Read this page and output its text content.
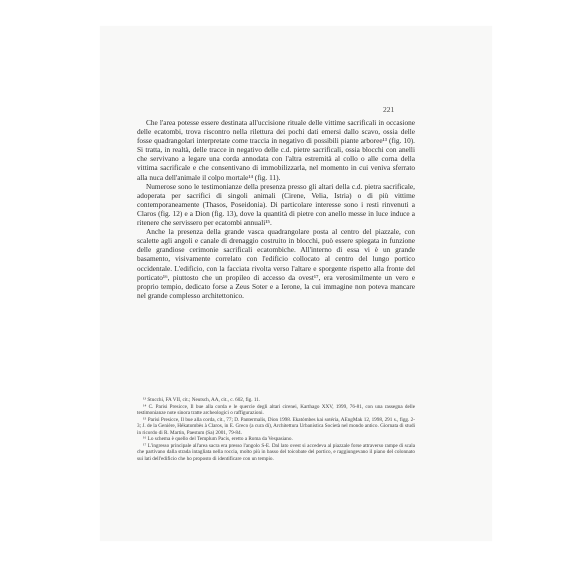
221

Che l'area potesse essere destinata all'uccisione rituale delle vittime sacrificali in occasione delle ecatombi, trova riscontro nella rilettura dei pochi dati emersi dallo scavo, ossia delle fosse quadrangolari interpretate come traccia in negativo di possibili piante arboree¹³ (fig. 10). Si tratta, in realtà, delle tracce in negativo delle c.d. pietre sacrificali, ossia blocchi con anelli che servivano a legare una corda annodata con l'altra estremità al collo o alle corna della vittima sacrificale e che consentivano di immobilizzarla, nel momento in cui veniva sferrato alla nuca dell'animale il colpo mortale¹⁴ (fig. 11).

Numerose sono le testimonianze della presenza presso gli altari della c.d. pietra sacrificale, adoperata per sacrifici di singoli animali (Cirene, Velia, Istria) o di più vittime contemporaneamente (Thasos, Poseidonia). Di particolare interesse sono i resti rinvenuti a Claros (fig. 12) e a Dion (fig. 13), dove la quantità di pietre con anello messe in luce induce a ritenere che servissero per ecatombi annuali¹⁵.

Anche la presenza della grande vasca quadrangolare posta al centro del piazzale, con scalette agli angoli e canale di drenaggio costruito in blocchi, può essere spiegata in funzione delle grandiose cerimonie sacrificali ecatombiche. All'interno di essa vi è un grande basamento, visivamente correlato con l'edificio collocato al centro del lungo portico occidentale. L'edificio, con la facciata rivolta verso l'altare e sporgente rispetto alla fronte del porticato¹⁶, piuttosto che un propileo di accesso da ovest¹⁷, era verosimilmente un vero e proprio tempio, dedicato forse a Zeus Soter e a Ierone, la cui immagine non poteva mancare nel grande complesso architettonico.

¹³ Stucchi, FA VII, cit.; Neutsch, AA, cit., c. 602, fig. 11.

¹⁴ C. Parisi Presicce, Il bue alla corda e le quercie degli altari cirenei, Karthago XXV, 1999, 76-81, con una rassegna delle testimonianze note sinora tratte archeologici o raffigurazioni.

¹⁵ Parisi Presicce, Il bue alla corda, cit., 77; D. Pantermalis, Dion 1998. Ekatómbes kai sotéria, AEngMak 12, 1998, 291 s., figg. 2-3; J. de la Genière, Hékatombès à Claros, in E. Greco (a cura di), Architettura Urbanistica Società nel mondo antico. Giornata di studi in ricordo di R. Martin, Paestum (Sa) 2001, 79-84.

¹⁶ Lo schema è quello del Templum Pacis, eretto a Roma da Vespasiano.

¹⁷ L'ingresso principale all'area sacra era presso l'angolo S-E. Dal lato ovest si accedeva al piazzale forse attraverso rampe di scala che partivano dalla strada intagliata nella roccia, molto più in basso del toicobate del portico, e raggiungevano il piano del colonnato sui lati dell'edificio che ho proposto di identificare con un tempio.
